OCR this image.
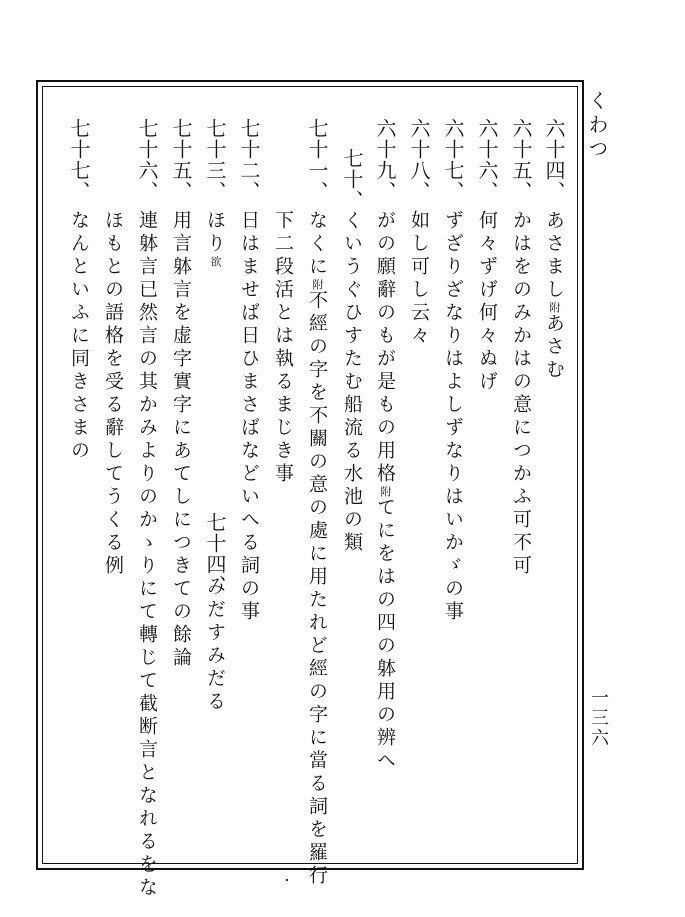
くわつ
一三六
六十四、
あさまし附あさむ
六十五、
かはをのみかはの意につかふ可不可
六十六、
何々ずげ何々ぬげ
六十七、
ずざりざなりはよしずなりはいかゞの事
六十八、
如し可し云々
六十九、
がの願辭のもが是もの用格附てにをはの四の躰用の辨へ
七十、
くいうぐひすたむ船流る水池の類
七十一、
なくに附不經の字を不關の意の處に用たれど經の字に當る詞を羅行
下二段活とは執るまじき事
七十二、
日はませば日ひまさばなどいへる詞の事
七十三、
ほり欲
七十四、
みだすみだる
七十五、
用言躰言を虚字實字にあてしにつきての餘論
七十六、
連躰言已然言の其かみよりのかゝりにて轉じて截断言となれるをな
ほもとの語格を受る辭してうくる例
七十七、
なんといふに同きさまの
